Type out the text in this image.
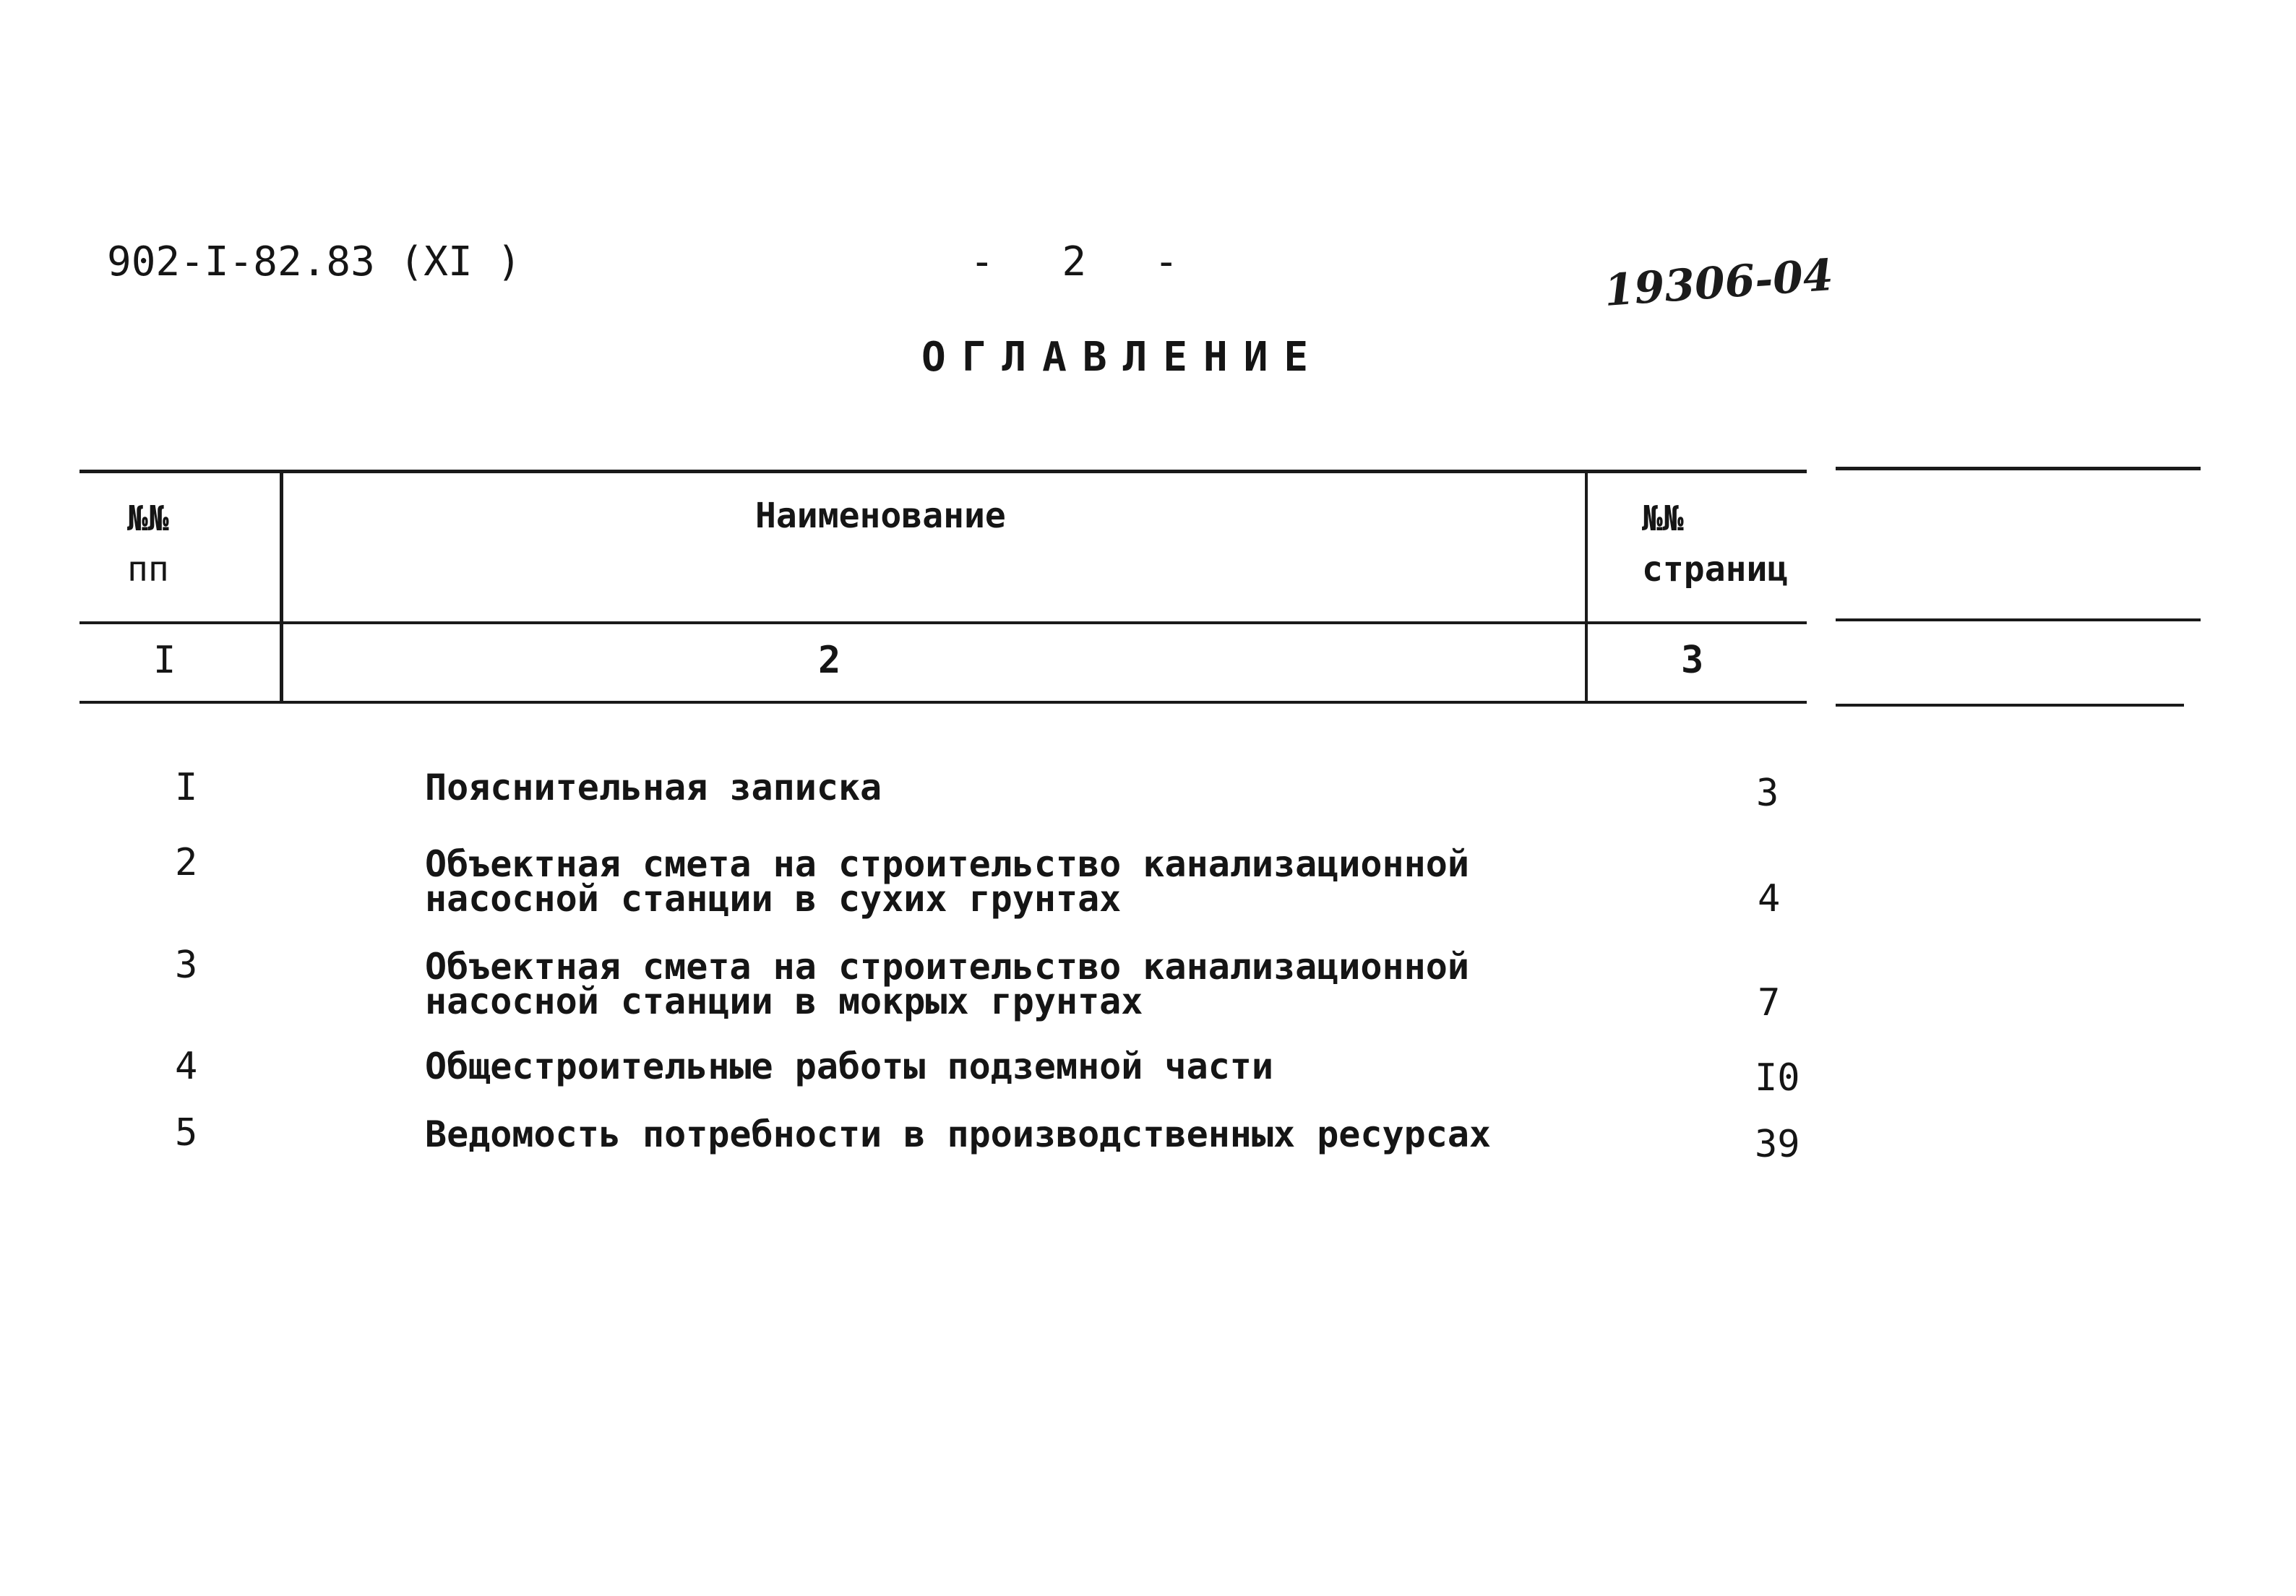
902-I-82.83 (XI )	- 2 -	19306-04
ОГЛАВЛЕНИЕ
№№
пп
Наименование	№№
страниц
I	2	3
I	Пояснительная записка	3
2	Объектная смета на строительство канализационной
насосной станции в сухих грунтах	4
3	Объектная смета на строительство канализационной
насосной станции в мокрых грунтах	7
4	Общестроительные работы подземной части	I0
5	Ведомость потребности в производственных ресурсах	39
